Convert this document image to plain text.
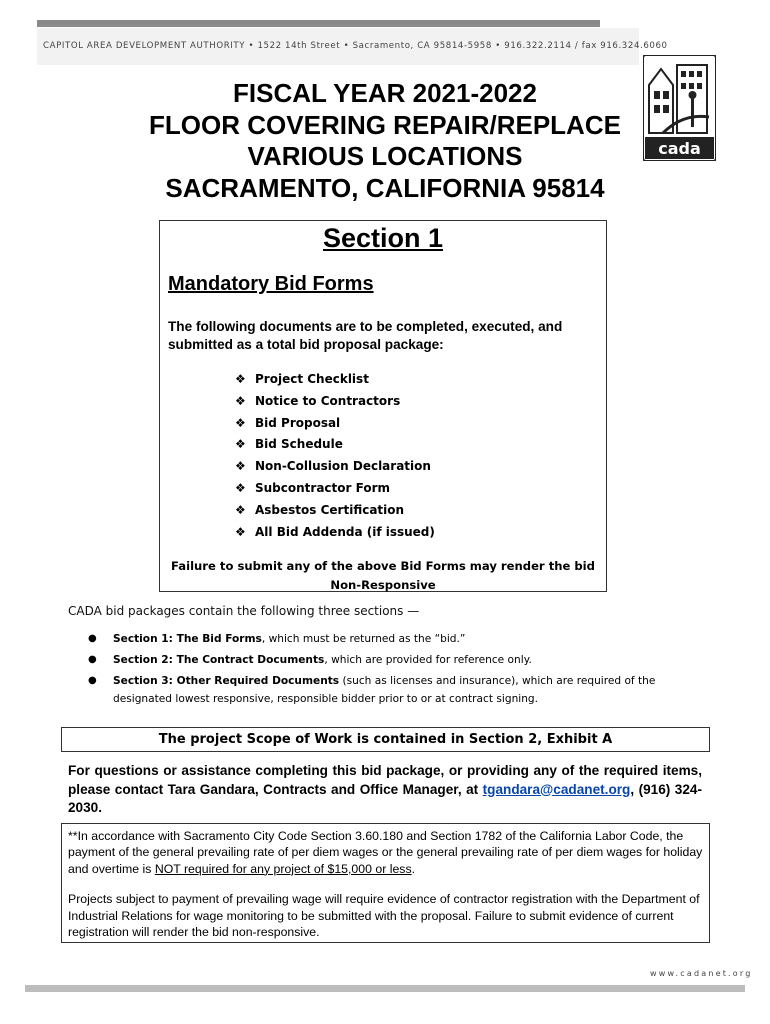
CAPITOL AREA DEVELOPMENT AUTHORITY • 1522 14th Street • Sacramento, CA 95814-5958 • 916.322.2114 / fax 916.324.6060
cada
FISCAL YEAR 2021-2022
FLOOR COVERING REPAIR/REPLACE
VARIOUS LOCATIONS
SACRAMENTO, CALIFORNIA 95814
Section 1
Mandatory Bid Forms
The following documents are to be completed, executed, and submitted as a total bid proposal package:
❖ Project Checklist
❖ Notice to Contractors
❖ Bid Proposal
❖ Bid Schedule
❖ Non-Collusion Declaration
❖ Subcontractor Form
❖ Asbestos Certification
❖ All Bid Addenda (if issued)
Failure to submit any of the above Bid Forms may render the bid
Non-Responsive
CADA bid packages contain the following three sections —
● Section 1: The Bid Forms, which must be returned as the “bid.”
● Section 2: The Contract Documents, which are provided for reference only.
● Section 3: Other Required Documents (such as licenses and insurance), which are required of the designated lowest responsive, responsible bidder prior to or at contract signing.
The project Scope of Work is contained in Section 2, Exhibit A
For questions or assistance completing this bid package, or providing any of the required items, please contact Tara Gandara, Contracts and Office Manager, at tgandara@cadanet.org, (916) 324-2030.

**In accordance with Sacramento City Code Section 3.60.180 and Section 1782 of the California Labor Code, the payment of the general prevailing rate of per diem wages or the general prevailing rate of per diem wages for holiday and overtime is NOT required for any project of $15,000 or less.

Projects subject to payment of prevailing wage will require evidence of contractor registration with the Department of Industrial Relations for wage monitoring to be submitted with the proposal. Failure to submit evidence of current registration will render the bid non-responsive.

www.cadanet.org
